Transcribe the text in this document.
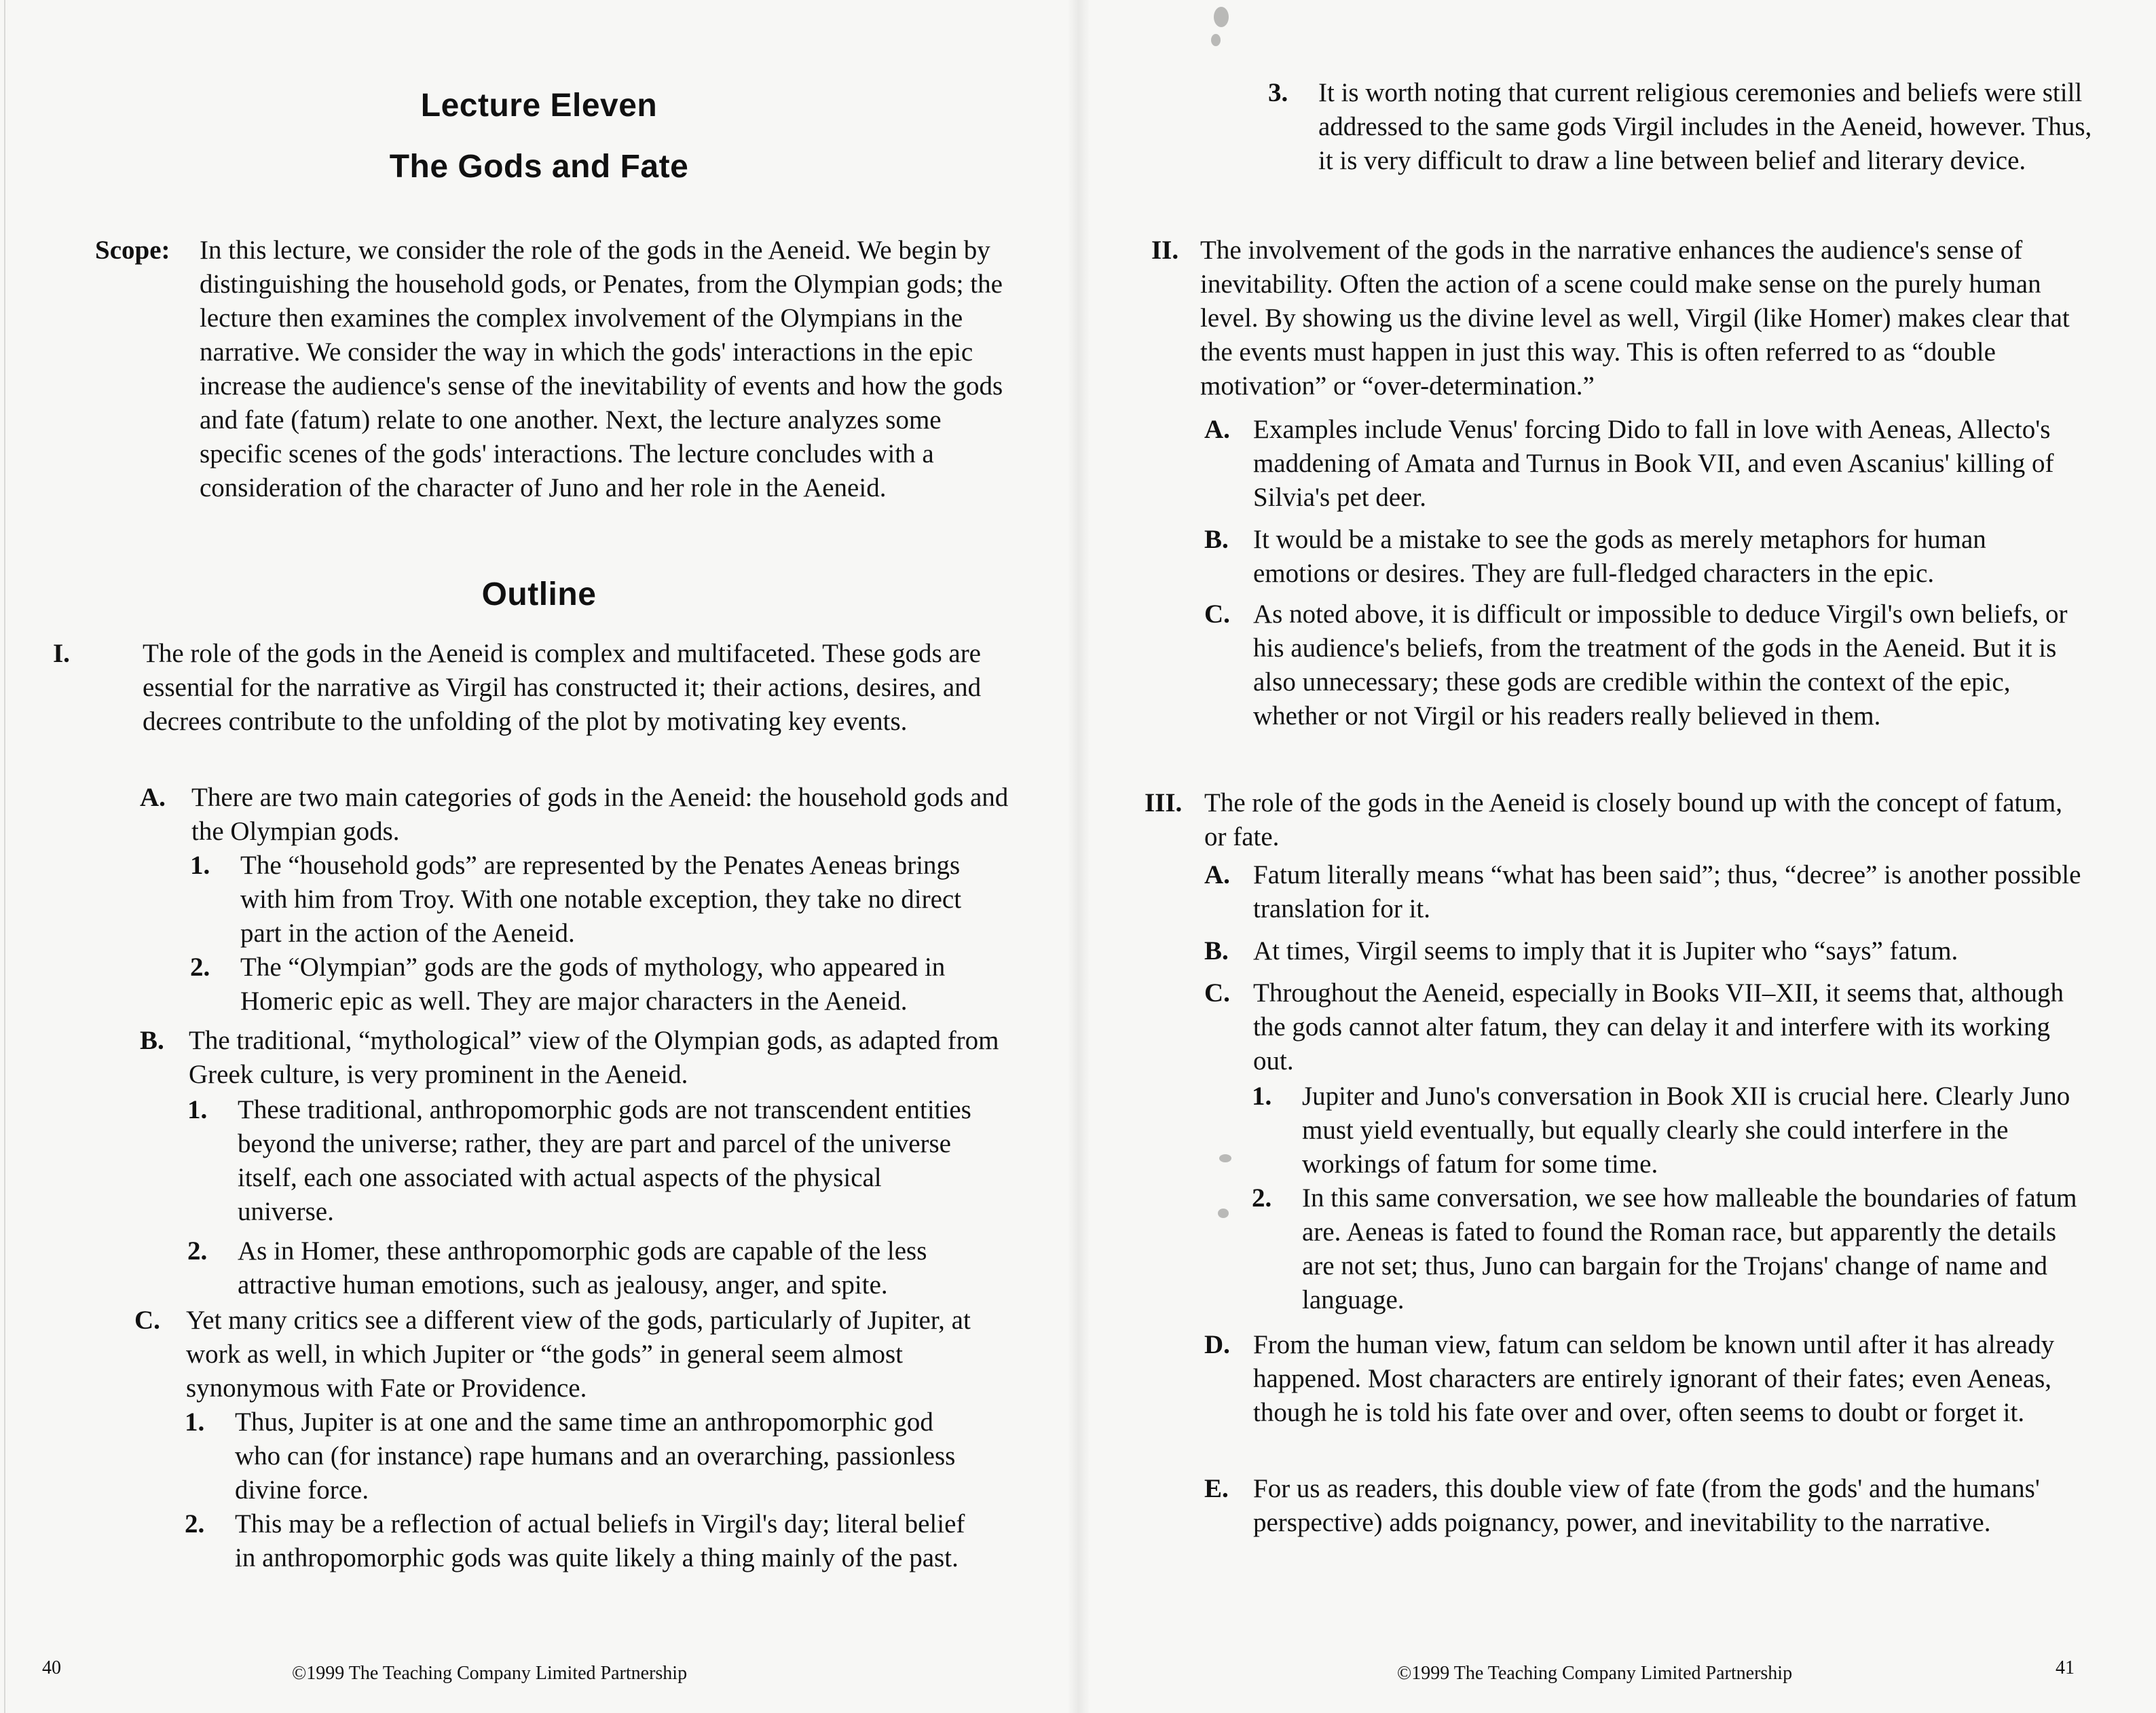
Lecture Eleven
The Gods and Fate
Scope: In this lecture, we consider the role of the gods in the Aeneid. We begin by distinguishing the household gods, or Penates, from the Olympian gods; the lecture then examines the complex involvement of the Olympians in the narrative. We consider the way in which the gods' interactions in the epic increase the audience's sense of the inevitability of events and how the gods and fate (fatum) relate to one another. Next, the lecture analyzes some specific scenes of the gods' interactions. The lecture concludes with a consideration of the character of Juno and her role in the Aeneid.
Outline
I.	The role of the gods in the Aeneid is complex and multifaceted. These gods are essential for the narrative as Virgil has constructed it; their actions, desires, and decrees contribute to the unfolding of the plot by motivating key events.
A. There are two main categories of gods in the Aeneid: the household gods and the Olympian gods.
1. The “household gods” are represented by the Penates Aeneas brings with him from Troy. With one notable exception, they take no direct part in the action of the Aeneid.
2. The “Olympian” gods are the gods of mythology, who appeared in Homeric epic as well. They are major characters in the Aeneid.
B. The traditional, “mythological” view of the Olympian gods, as adapted from Greek culture, is very prominent in the Aeneid.
1. These traditional, anthropomorphic gods are not transcendent entities beyond the universe; rather, they are part and parcel of the universe itself, each one associated with actual aspects of the physical universe.
2. As in Homer, these anthropomorphic gods are capable of the less attractive human emotions, such as jealousy, anger, and spite.
C. Yet many critics see a different view of the gods, particularly of Jupiter, at work as well, in which Jupiter or “the gods” in general seem almost synonymous with Fate or Providence.
1. Thus, Jupiter is at one and the same time an anthropomorphic god who can (for instance) rape humans and an overarching, passionless divine force.
2. This may be a reflection of actual beliefs in Virgil's day; literal belief in anthropomorphic gods was quite likely a thing mainly of the past.
40	©1999 The Teaching Company Limited Partnership
3. It is worth noting that current religious ceremonies and beliefs were still addressed to the same gods Virgil includes in the Aeneid, however. Thus, it is very difficult to draw a line between belief and literary device.
II. The involvement of the gods in the narrative enhances the audience's sense of inevitability. Often the action of a scene could make sense on the purely human level. By showing us the divine level as well, Virgil (like Homer) makes clear that the events must happen in just this way. This is often referred to as “double motivation” or “over-determination.”
A. Examples include Venus' forcing Dido to fall in love with Aeneas, Allecto's maddening of Amata and Turnus in Book VII, and even Ascanius' killing of Silvia's pet deer.
B. It would be a mistake to see the gods as merely metaphors for human emotions or desires. They are full-fledged characters in the epic.
C. As noted above, it is difficult or impossible to deduce Virgil's own beliefs, or his audience's beliefs, from the treatment of the gods in the Aeneid. But it is also unnecessary; these gods are credible within the context of the epic, whether or not Virgil or his readers really believed in them.
III. The role of the gods in the Aeneid is closely bound up with the concept of fatum, or fate.
A. Fatum literally means “what has been said”; thus, “decree” is another possible translation for it.
B. At times, Virgil seems to imply that it is Jupiter who “says” fatum.
C. Throughout the Aeneid, especially in Books VII–XII, it seems that, although the gods cannot alter fatum, they can delay it and interfere with its working out.
1. Jupiter and Juno's conversation in Book XII is crucial here. Clearly Juno must yield eventually, but equally clearly she could interfere in the workings of fatum for some time.
2. In this same conversation, we see how malleable the boundaries of fatum are. Aeneas is fated to found the Roman race, but apparently the details are not set; thus, Juno can bargain for the Trojans' change of name and language.
D. From the human view, fatum can seldom be known until after it has already happened. Most characters are entirely ignorant of their fates; even Aeneas, though he is told his fate over and over, often seems to doubt or forget it.
E. For us as readers, this double view of fate (from the gods' and the humans' perspective) adds poignancy, power, and inevitability to the narrative.
©1999 The Teaching Company Limited Partnership	41
